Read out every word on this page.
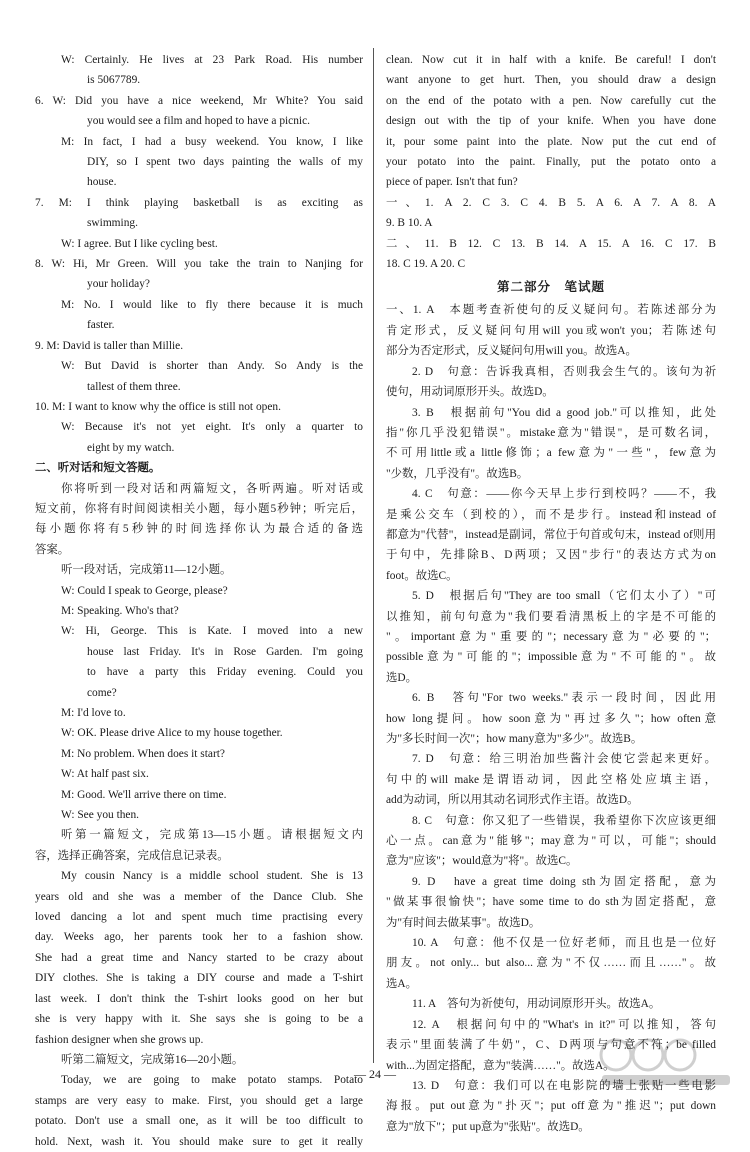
W: Certainly. He lives at 23 Park Road. His number
is 5067789.
6. W: Did you have a nice weekend, Mr White? You said
you would see a film and hoped to have a picnic.
M: In fact, I had a busy weekend. You know, I like
DIY, so I spent two days painting the walls of my
house.
7. M: I think playing basketball is as exciting as
swimming.
W: I agree. But I like cycling best.
8. W: Hi, Mr Green. Will you take the train to Nanjing for
your holiday?
M: No. I would like to fly there because it is much
faster.
9. M: David is taller than Millie.
W: But David is shorter than Andy. So Andy is the
tallest of them three.
10. M: I want to know why the office is still not open.
W: Because it's not yet eight. It's only a quarter to
eight by my watch.
二、听对话和短文答题。
你将听到一段对话和两篇短文，各听两遍。听对话或
短文前，你将有时间阅读相关小题，每小题5秒钟；听完后，
每小题你将有5秒钟的时间选择你认为最合适的备选
答案。
听一段对话，完成第11—12小题。
W: Could I speak to George, please?
M: Speaking. Who's that?
W: Hi, George. This is Kate. I moved into a new
house last Friday. It's in Rose Garden. I'm going
to have a party this Friday evening. Could you
come?
M: I'd love to.
W: OK. Please drive Alice to my house together.
M: No problem. When does it start?
W: At half past six.
M: Good. We'll arrive there on time.
W: See you then.
听第一篇短文，完成第13—15小题。请根据短文内
容，选择正确答案，完成信息记录表。
My cousin Nancy is a middle school student. She is 13
years old and she was a member of the Dance Club. She
loved dancing a lot and spent much time practising every
day. Weeks ago, her parents took her to a fashion show.
She had a great time and Nancy started to be crazy about
DIY clothes. She is taking a DIY course and made a T-shirt
last week. I don't think the T-shirt looks good on her but
she is very happy with it. She says she is going to be a
fashion designer when she grows up.
听第二篇短文，完成第16—20小题。
Today, we are going to make potato stamps. Potato
stamps are very easy to make. First, you should get a large
potato. Don't use a small one, as it will be too difficult to
hold. Next, wash it. You should make sure to get it really
clean. Now cut it in half with a knife. Be careful! I don't
want anyone to get hurt. Then, you should draw a design
on the end of the potato with a pen. Now carefully cut the
design out with the tip of your knife. When you have done
it, pour some paint into the plate. Now put the cut end of
your potato into the paint. Finally, put the potato onto a
piece of paper. Isn't that fun?
一、1. A 2. C 3. C 4. B 5. A 6. A 7. A 8. A
9. B 10. A
二、11. B 12. C 13. B 14. A 15. A 16. C 17. B
18. C 19. A 20. C
第二部分　笔试题
一、1. A　本题考查祈使句的反义疑问句。若陈述部分为
肯定形式，反义疑问句用will you或won't you；若陈述句
部分为否定形式，反义疑问句用will you。故选A。
2. D　句意：告诉我真相，否则我会生气的。该句为祈
使句，用动词原形开头。故选D。
3. B　根据前句"You did a good job."可以推知，此处
指"你几乎没犯错误"。mistake意为"错误"，是可数名词，
不可用little或a little修饰；a few意为"一些"，few意为
"少数，几乎没有"。故选B。
4. C　句意：——你今天早上步行到校吗？——不，我
是乘公交车（到校的），而不是步行。instead和instead of
都意为"代替"，instead是副词，常位于句首或句末，instead of则用
于句中，先排除B、D两项；又因"步行"的表达方式为on
foot。故选C。
5. D　根据后句"They are too small（它们太小了）"可
以推知，前句句意为"我们要看清黑板上的字是不可能的
"。important意为"重要的"；necessary意为"必要的"；
possible意为"可能的"；impossible意为"不可能的"。故
选D。
6. B　答句"For two weeks."表示一段时间，因此用
how long提问。how soon意为"再过多久"；how often意
为"多长时间一次"；how many意为"多少"。故选B。
7. D　句意：给三明治加些酱汁会使它尝起来更好。
句中的will make是谓语动词，因此空格处应填主语，
add为动词，所以用其动名词形式作主语。故选D。
8. C　句意：你又犯了一些错误，我希望你下次应该更细
心一点。can意为"能够"；may意为"可以，可能"；should
意为"应该"；would意为"将"。故选C。
9. D　have a great time doing sth为固定搭配，意为
"做某事很愉快"；have some time to do sth为固定搭配，意
为"有时间去做某事"。故选D。
10. A　句意：他不仅是一位好老师，而且也是一位好
朋友。not only... but also...意为"不仅……而且……"。故
选A。
11. A　答句为祈使句，用动词原形开头。故选A。
12. A　根据问句中的"What's in it?"可以推知，答句
表示"里面装满了牛奶"，C、D两项与句意不符；be filled
with...为固定搭配，意为"装满……"。故选A。
13. D　句意：我们可以在电影院的墙上张贴一些电影
海报。put out意为"扑灭"；put off意为"推迟"；put down
意为"放下"；put up意为"张贴"。故选D。
— 24 —
